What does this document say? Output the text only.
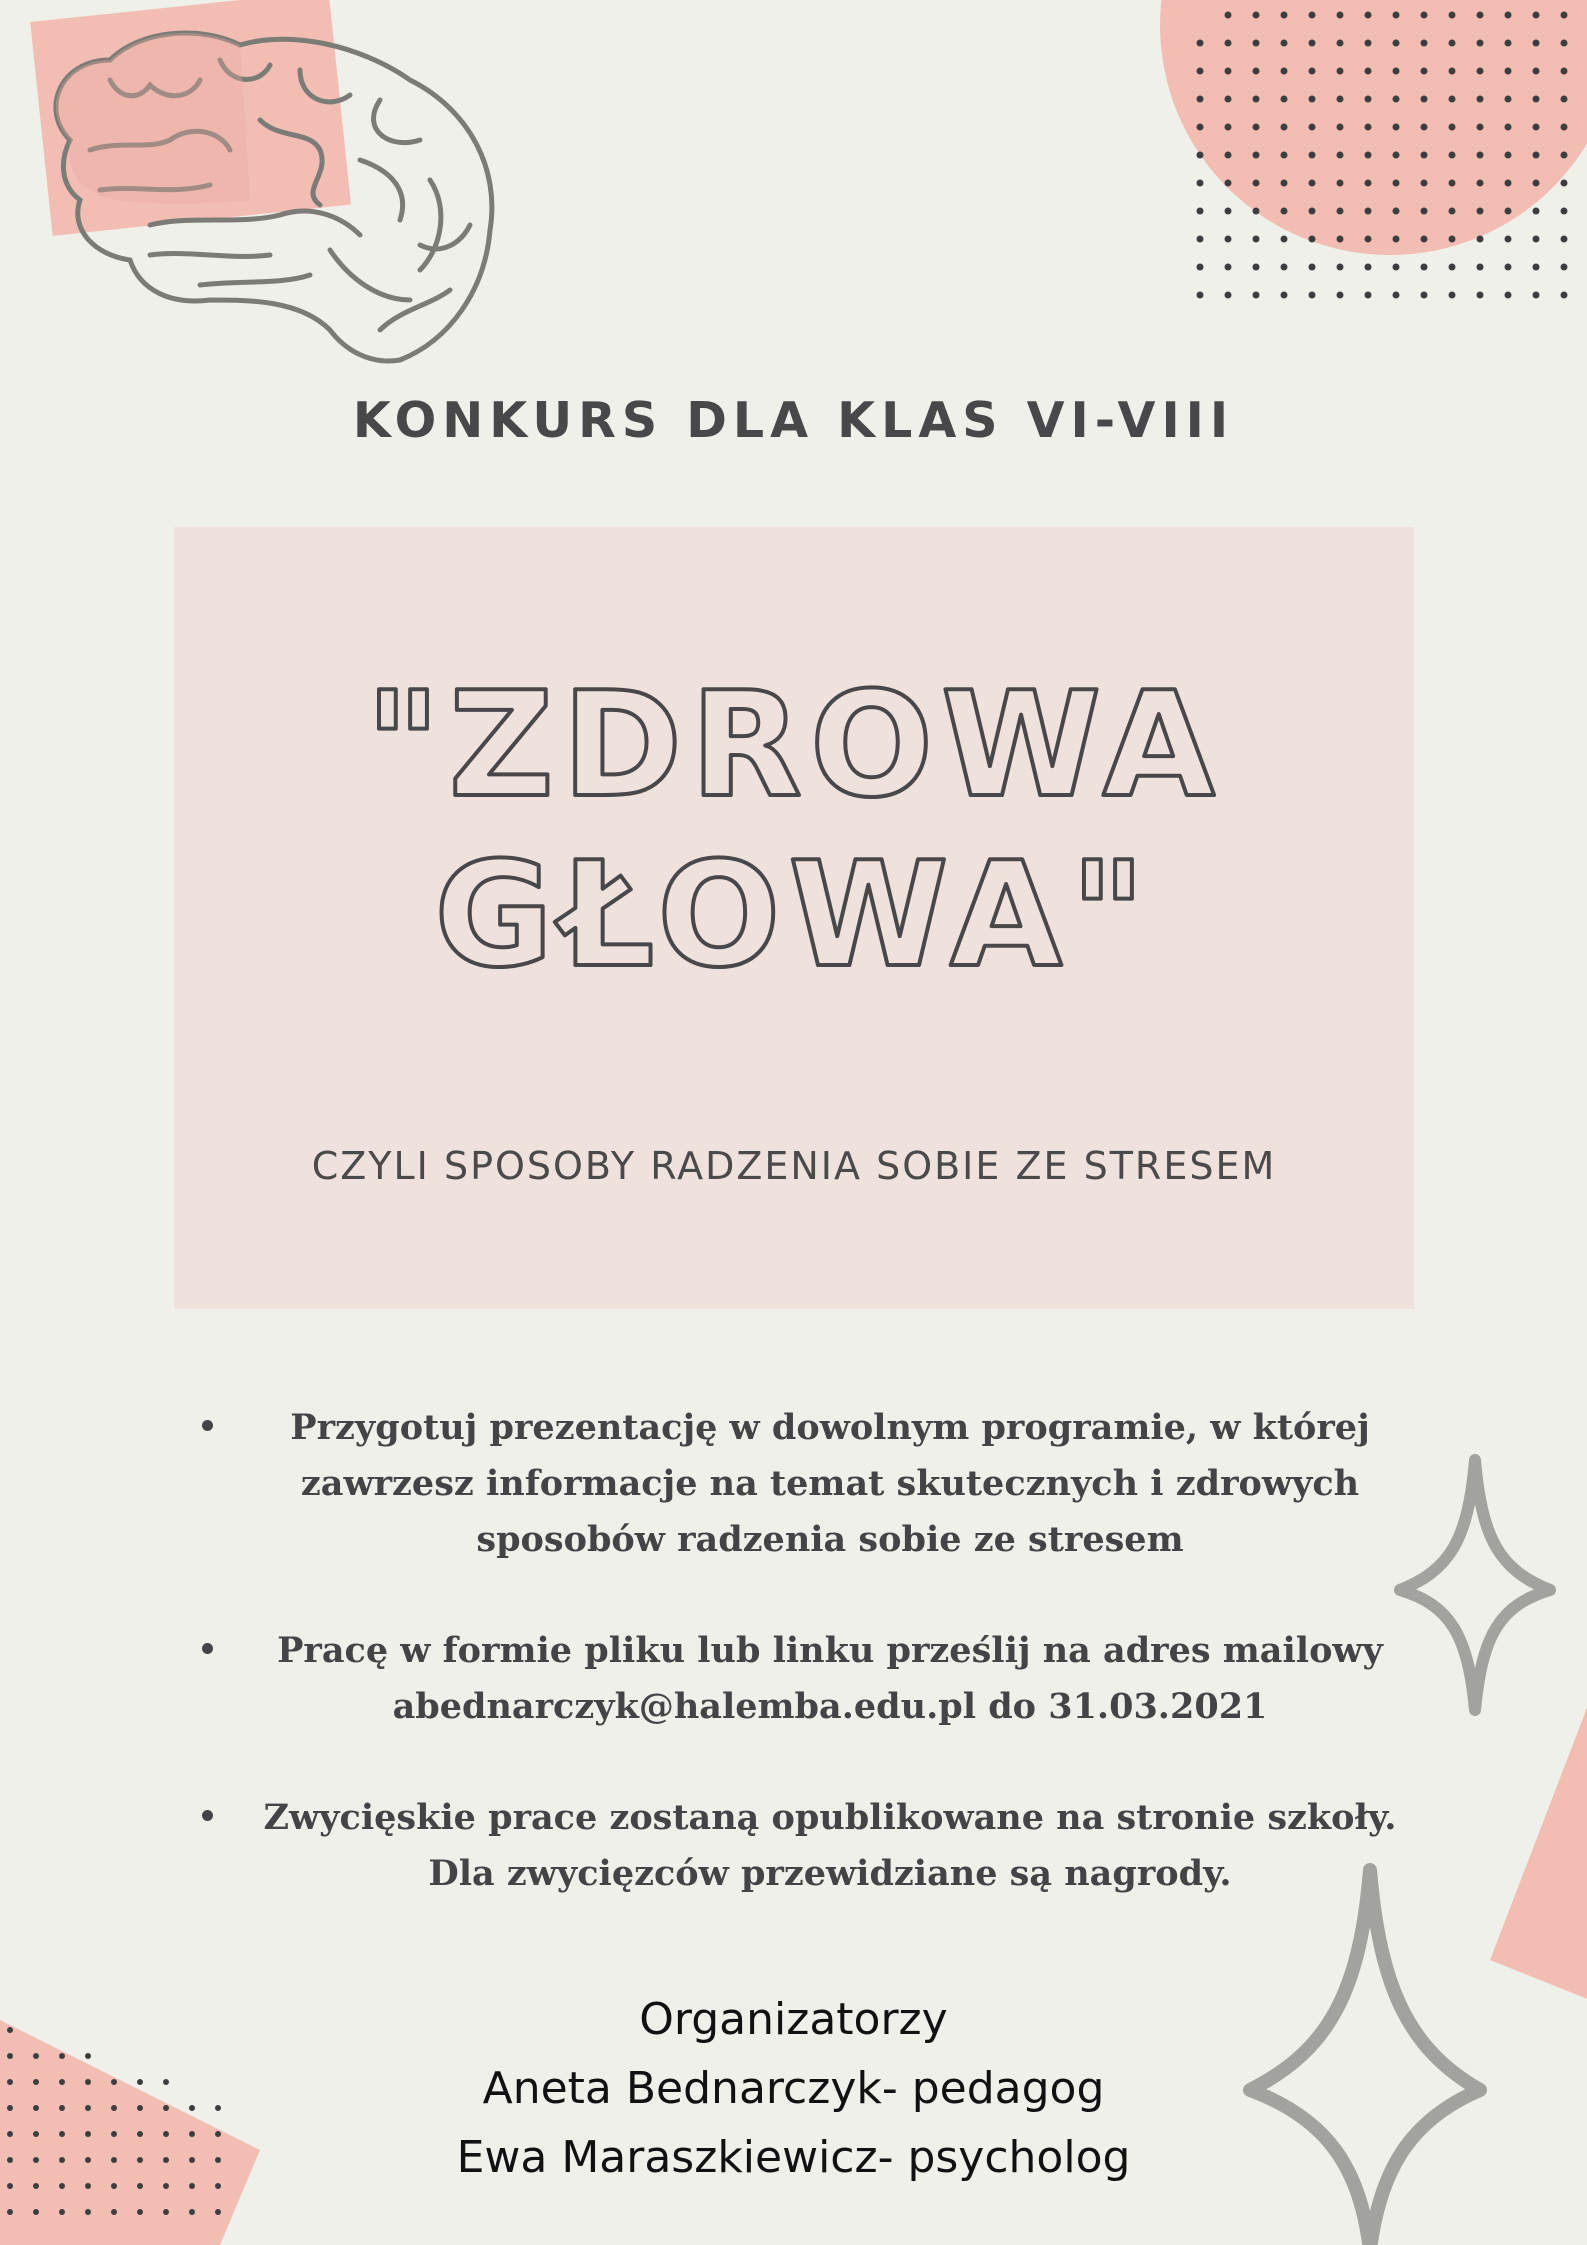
KONKURS DLA KLAS VI-VIII
"ZDROWA
GŁOWA"
CZYLI SPOSOBY RADZENIA SOBIE ZE STRESEM
Przygotuj prezentację w dowolnym programie, w której zawrzesz informacje na temat skutecznych i zdrowych sposobów radzenia sobie ze stresem
Pracę w formie pliku lub linku prześlij na adres mailowy abednarczyk@halemba.edu.pl do 31.03.2021
Zwycięskie prace zostaną opublikowane na stronie szkoły. Dla zwycięzców przewidziane są nagrody.
Organizatorzy
Aneta Bednarczyk- pedagog
Ewa Maraszkiewicz- psycholog
